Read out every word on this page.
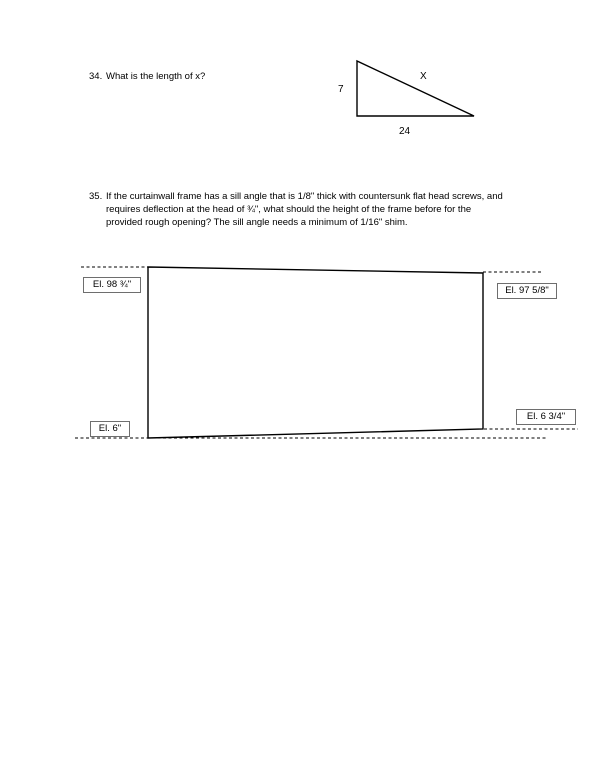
34. What is the length of x?
35. If the curtainwall frame has a sill angle that is 1/8" thick with countersunk flat head screws, and
requires deflection at the head of ¾", what should the height of the frame before for the
provided rough opening? The sill angle needs a minimum of 1/16" shim.
7
X
24
El. 98 ¾"
El. 97 5/8"
El. 6"
El. 6 3/4"
